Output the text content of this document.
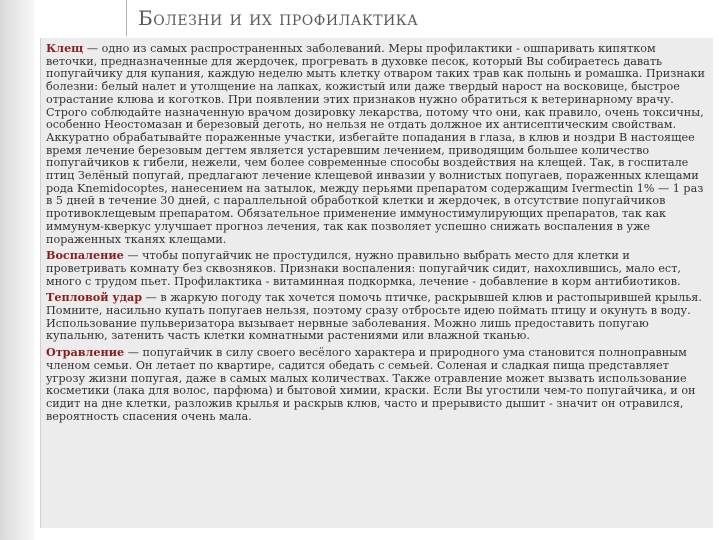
Болезни и их профилактика

Клещ — одно из самых распространенных заболеваний. Меры профилактики - ошпаривать кипятком веточки, предназначенные для жердочек, прогревать в духовке песок, который Вы собираетесь давать попугайчику для купания, каждую неделю мыть клетку отваром таких трав как полынь и ромашка. Признаки болезни: белый налет и утолщение на лапках, кожистый или даже твердый нарост на восковице, быстрое отрастание клюва и коготков. При появлении этих признаков нужно обратиться к ветеринарному врачу. Строго соблюдайте назначенную врачом дозировку лекарства, потому что они, как правило, очень токсичны, особенно Неостомазан и березовый деготь, но нельзя не отдать должное их антисептическим свойствам. Аккуратно обрабатывайте пораженные участки, избегайте попадания в глаза, в клюв и ноздри В настоящее время лечение березовым дегтем является устаревшим лечением, приводящим большее количество попугайчиков к гибели, нежели, чем более современные способы воздействия на клещей. Так, в госпитале птиц Зелёный попугай, предлагают лечение клещевой инвазии у волнистых попугаев, пораженных клещами рода Knemidocoptes, нанесением на затылок, между перьями препаратом содержащим Ivermectin 1% — 1 раз в 5 дней в течение 30 дней, с параллельной обработкой клетки и жердочек, в отсутствие попугайчиков противоклещевым препаратом. Обязательное применение иммуностимулирующих препаратов, так как иммунум-кверкус улучшает прогноз лечения, так как позволяет успешно снижать воспаления в уже пораженных тканях клещами.

Воспаление — чтобы попугайчик не простудился, нужно правильно выбрать место для клетки и проветривать комнату без сквозняков. Признаки воспаления: попугайчик сидит, нахохлившись, мало ест, много с трудом пьет. Профилактика - витаминная подкормка, лечение - добавление в корм антибиотиков.

Тепловой удар — в жаркую погоду так хочется помочь птичке, раскрывшей клюв и растопырившей крылья. Помните, насильно купать попугаев нельзя, поэтому сразу отбросьте идею поймать птицу и окунуть в воду. Использование пульверизатора вызывает нервные заболевания. Можно лишь предоставить попугаю купальню, затенить часть клетки комнатными растениями или влажной тканью.

Отравление — попугайчик в силу своего весёлого характера и природного ума становится полноправным членом семьи. Он летает по квартире, садится обедать с семьей. Соленая и сладкая пища представляет угрозу жизни попугая, даже в самых малых количествах. Также отравление может вызвать использование косметики (лака для волос, парфюма) и бытовой химии, краски. Если Вы угостили чем-то попугайчика, и он сидит на дне клетки, разложив крылья и раскрыв клюв, часто и прерывисто дышит - значит он отравился, вероятность спасения очень мала.
